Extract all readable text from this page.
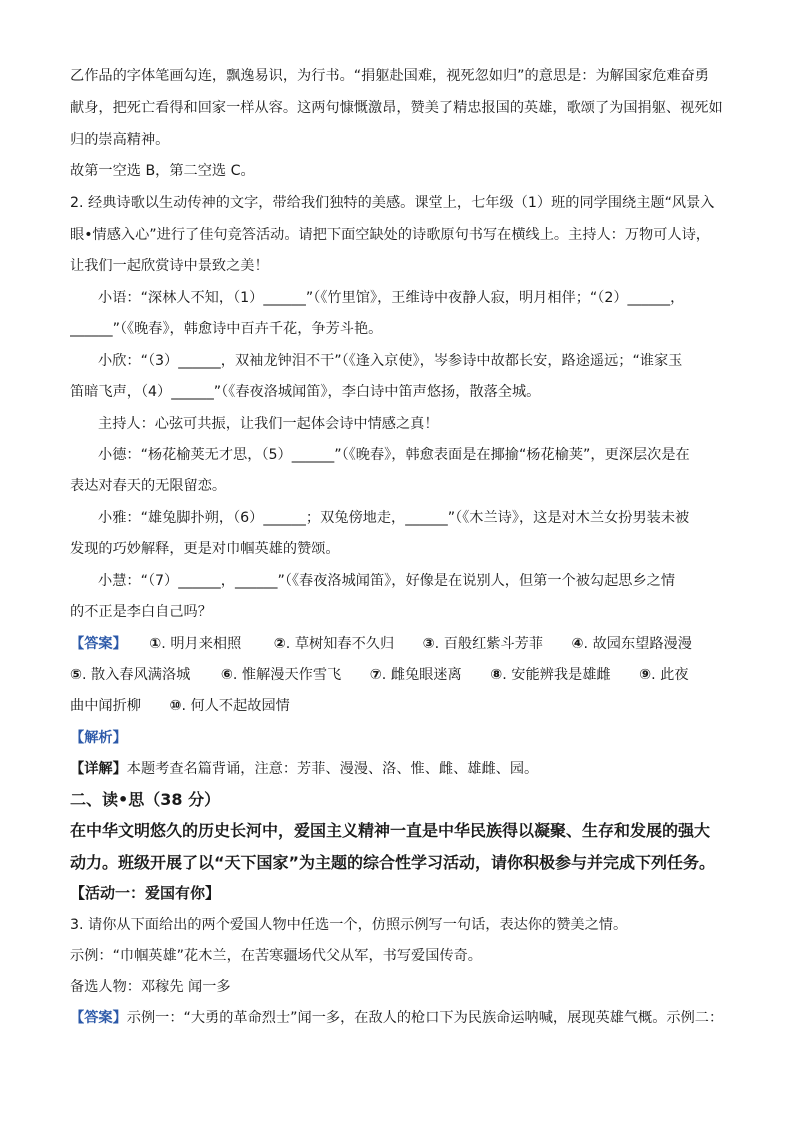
乙作品的字体笔画勾连，飘逸易识，为行书。“捐躯赴国难，视死忽如归”的意思是：为解国家危难奋勇
献身，把死亡看得和回家一样从容。这两句慷慨激昂，赞美了精忠报国的英雄，歌颂了为国捐躯、视死如
归的崇高精神。
故第一空选 B，第二空选 C。
2. 经典诗歌以生动传神的文字，带给我们独特的美感。课堂上，七年级（1）班的同学围绕主题“风景入
眼•情感入心”进行了佳句竞答活动。请把下面空缺处的诗歌原句书写在横线上。主持人：万物可人诗，
让我们一起欣赏诗中景致之美！
小语：“深林人不知，（1）______”（《竹里馆》，王维诗中夜静人寂，明月相伴；“（2）______，
______”（《晚春》，韩愈诗中百卉千花，争芳斗艳。
小欣：“（3）______，双袖龙钟泪不干”（《逢入京使》，岑参诗中故都长安，路途遥远；“谁家玉
笛暗飞声，（4）______”（《春夜洛城闻笛》，李白诗中笛声悠扬，散落全城。
主持人：心弦可共振，让我们一起体会诗中情感之真！
小德：“杨花榆荚无才思，（5）______”（《晚春》，韩愈表面是在揶揄“杨花榆荚”，更深层次是在
表达对春天的无限留恋。
小雅：“雄兔脚扑朔，（6）______；双兔傍地走，______”（《木兰诗》，这是对木兰女扮男装未被
发现的巧妙解释，更是对巾帼英雄的赞颂。
小慧：“（7）______，______”（《春夜洛城闻笛》，好像是在说别人，但第一个被勾起思乡之情
的不正是李白自己吗？
【答案】 ①. 明月来相照 ②. 草树知春不久归 ③. 百般红紫斗芳菲 ④. 故园东望路漫漫
⑤. 散入春风满洛城 ⑥. 惟解漫天作雪飞 ⑦. 雌兔眼迷离 ⑧. 安能辨我是雄雌 ⑨. 此夜
曲中闻折柳 ⑩. 何人不起故园情
【解析】
【详解】本题考查名篇背诵，注意：芳菲、漫漫、洛、惟、雌、雄雌、园。
二、读•思（38 分）
在中华文明悠久的历史长河中，爱国主义精神一直是中华民族得以凝聚、生存和发展的强大
动力。班级开展了以“天下国家”为主题的综合性学习活动，请你积极参与并完成下列任务。
【活动一：爱国有你】
3. 请你从下面给出的两个爱国人物中任选一个，仿照示例写一句话，表达你的赞美之情。
示例：“巾帼英雄”花木兰，在苦寒疆场代父从军，书写爱国传奇。
备选人物：邓稼先 闻一多
【答案】示例一：“大勇的革命烈士”闻一多，在敌人的枪口下为民族命运呐喊，展现英雄气概。示例二：
